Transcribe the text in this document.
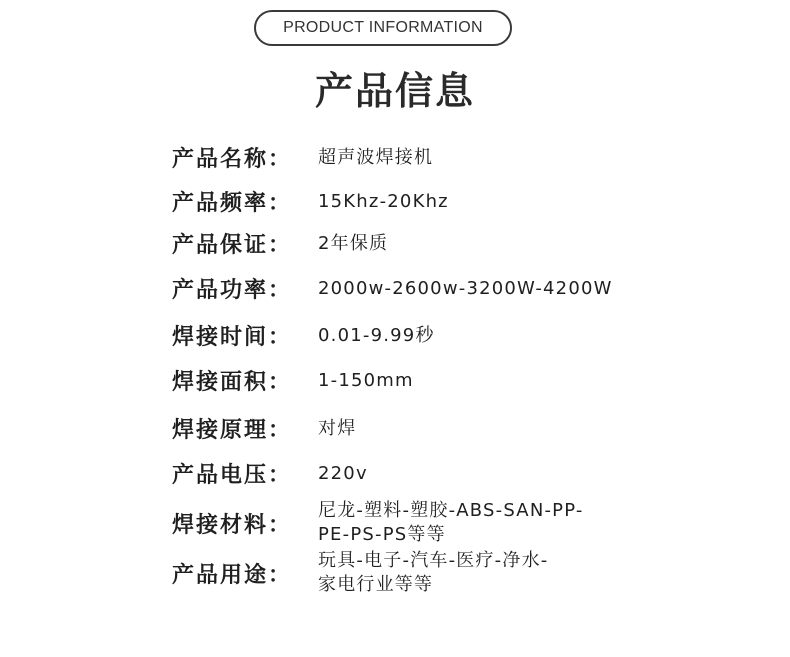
PRODUCT INFORMATION
产品信息
产品名称：	超声波焊接机
产品频率：	15Khz-20Khz
产品保证：	2年保质
产品功率：	2000w-2600w-3200W-4200W
焊接时间：	0.01-9.99秒
焊接面积：	1-150mm
焊接原理：	对焊
产品电压：	220v
焊接材料：
尼龙-塑料-塑胶-ABS-SAN-PP-PE-PS-PS等等
产品用途：
玩具-电子-汽车-医疗-净水-家电行业等等
